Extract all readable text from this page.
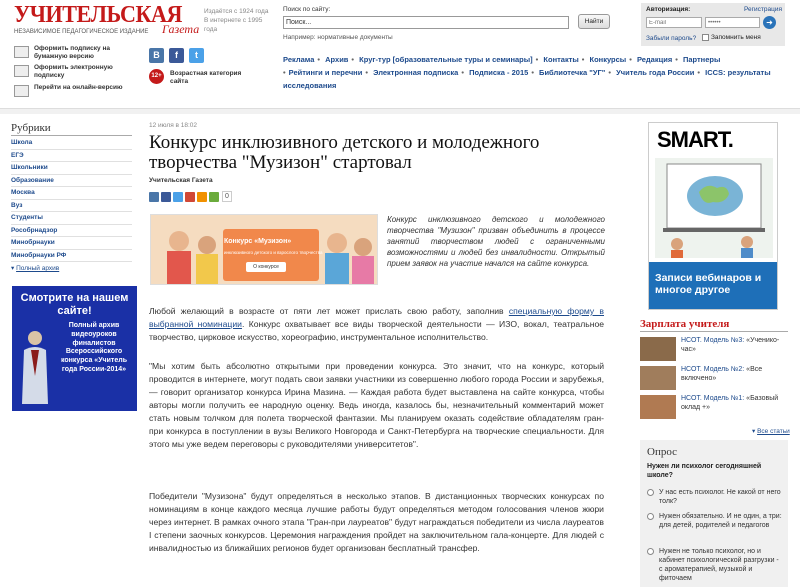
УЧИТЕЛЬСКАЯ
НЕЗАВИСИМОЕ ПЕДАГОГИЧЕСКОЕ ИЗДАНИЕ	Газета
Издаётся с 1924 года
В интернете с 1995 года
Оформить подписку на бумажную версию
Оформить электронную подписку
Перейти на онлайн-версию
B	f	t
12+	Возрастная категория сайта
Поиск по сайту:
Поиск...
Найти
Например: нормативные документы
Авторизация:	Регистрация
E-mail
••••••
➜
Забыли пароль? Запомнить меня
Реклама • Архив • Круг-тур [образовательные туры и семинары] • Контакты • Конкурсы • Редакция • Партнеры
• Рейтинги и перечни • Электронная подписка • Подписка - 2015 • Библиотечка "УГ" • Учитель года России • ICCS: результаты исследования
Рубрики
Школа
ЕГЭ
Школьники
Образование
Москва
Вуз
Студенты
Рособрнадзор
Минобрнауки
Минобрнауки РФ
▾ Полный архив
Смотрите на нашем сайте!
Полный архив видеоуроков финалистов Всероссийского конкурса «Учитель года России-2014»
12 июля в 18:02
Конкурс инклюзивного детского и молодежного творчества "Музизон" стартовал
Учительская Газета
0
Конкурс «Музизон»
инклюзивного детского и взрослого творчества
О конкурсе
Конкурс инклюзивного детского и молодежного творчества "Музизон" призван объединить в процессе занятий творчеством людей с ограниченными возможностями и людей без инвалидности. Открытый прием заявок на участие начался на сайте конкурса.

Любой желающий в возрасте от пяти лет может прислать свою работу, заполнив специальную форму в выбранной номинации. Конкурс охватывает все виды творческой деятельности — ИЗО, вокал, театральное творчество, цирковое искусство, хореографию, инструментальное исполнительство.

"Мы хотим быть абсолютно открытыми при проведении конкурса. Это значит, что на конкурс, который проводится в интернете, могут подать свои заявки участники из совершенно любого города России и зарубежья, — говорит организатор конкурса Ирина Мазина. — Каждая работа будет выставлена на сайте конкурса, чтобы авторы могли получить ее народную оценку. Ведь иногда, казалось бы, незначительный комментарий может стать новым толчком для полета творческой фантазии. Мы планируем оказать содействие обладателям гран-при конкурса в поступлении в вузы Великого Новгорода и Санкт-Петербурга на творческие специальности. Для этого мы уже ведем переговоры с руководителями университетов".

Победители "Музизона" будут определяться в несколько этапов. В дистанционных творческих конкурсах по номинациям в конце каждого месяца лучшие работы будут определяться методом голосования членов жюри через интернет. В рамках очного этапа "Гран-при лауреатов" будут награждаться победители из числа лауреатов I степени заочных конкурсов. Церемония награждения пройдет на заключительном гала-концерте. Для людей с инвалидностью из ближайших регионов будет организован бесплатный трансфер.

SMART.
Записи вебинаров и многое другое
Зарплата учителя
НСОТ. Модель №3: «Ученико-час»
НСОТ. Модель №2: «Все включено»
НСОТ. Модель №1: «Базовый оклад +»
▾ Все статьи
Опрос
Нужен ли психолог сегодняшней школе?
У нас есть психолог. Не какой от него толк?
Нужен обязательно. И не один, а три: для детей, родителей и педагогов
Нужен не только психолог, но и кабинет психологической разгрузки - с ароматерапией, музыкой и фиточаем
